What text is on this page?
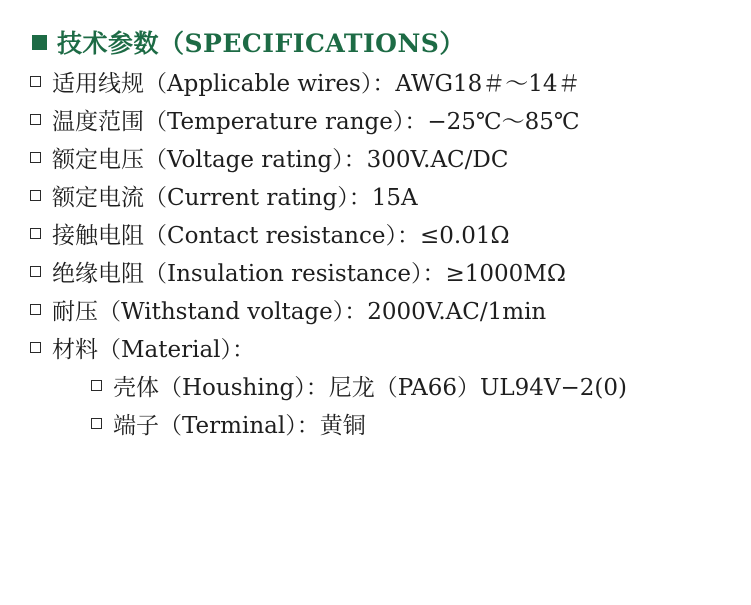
技术参数（SPECIFICATIONS）
适用线规（Applicable wires）：AWG18＃～14＃
温度范围（Temperature range）：−25℃～85℃
额定电压（Voltage rating）：300V.AC/DC
额定电流（Current rating）：15A
接触电阻（Contact resistance）：≤0.01Ω
绝缘电阻（Insulation resistance）：≥1000MΩ
耐压（Withstand voltage）：2000V.AC/1min
材料（Material）：
壳体（Houshing）：尼龙（PA66）UL94V−2(0)
端子（Terminal）：黄铜
